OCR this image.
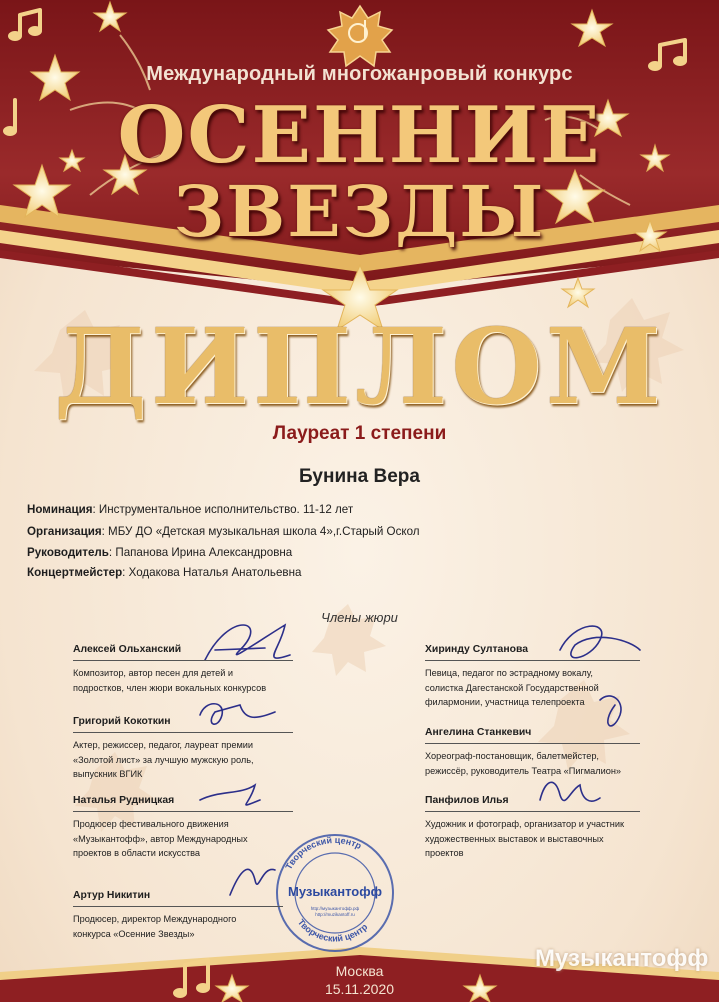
Международный многожанровый конкурс

ОСЕННИЕ

ЗВЕЗДЫ

ДИПЛОМ

Лауреат 1 степени

Бунина Вера

Номинация: Инструментальное исполнительство. 11-12 лет

Организация: МБУ ДО «Детская музыкальная школа 4»,г.Старый Оскол

Руководитель: Папанова Ирина Александровна

Концертмейстер: Ходакова Наталья Анатольевна

Члены жюри

Алексей Ольханский

Композитор, автор песен для детей и
подростков, член жюри вокальных конкурсов

Григорий Кокоткин

Актер, режиссер, педагог, лауреат премии
«Золотой лист» за лучшую мужскую роль,
выпускник ВГИК

Наталья Рудницкая

Продюсер фестивального движения
«Музыкантофф», автор Международных
проектов в области искусства

Артур Никитин

Продюсер, директор Международного
конкурса «Осенние Звезды»

Хиринду Султанова

Певица, педагог по эстрадному вокалу,
солистка Дагестанской Государственной
филармонии, участница телепроекта

Ангелина Станкевич

Хореограф-постановщик, балетмейстер,
режиссёр, руководитель Театра «Пигмалион»

Панфилов Илья

Художник и фотограф, организатор и участник
художественных выставок и выставочных
проектов
Творческий центр
Творческий центр
Музыкантофф
http://музыкантофф.рф
http://muzikantoff.ru
Москва
15.11.2020

Музыкантофф
